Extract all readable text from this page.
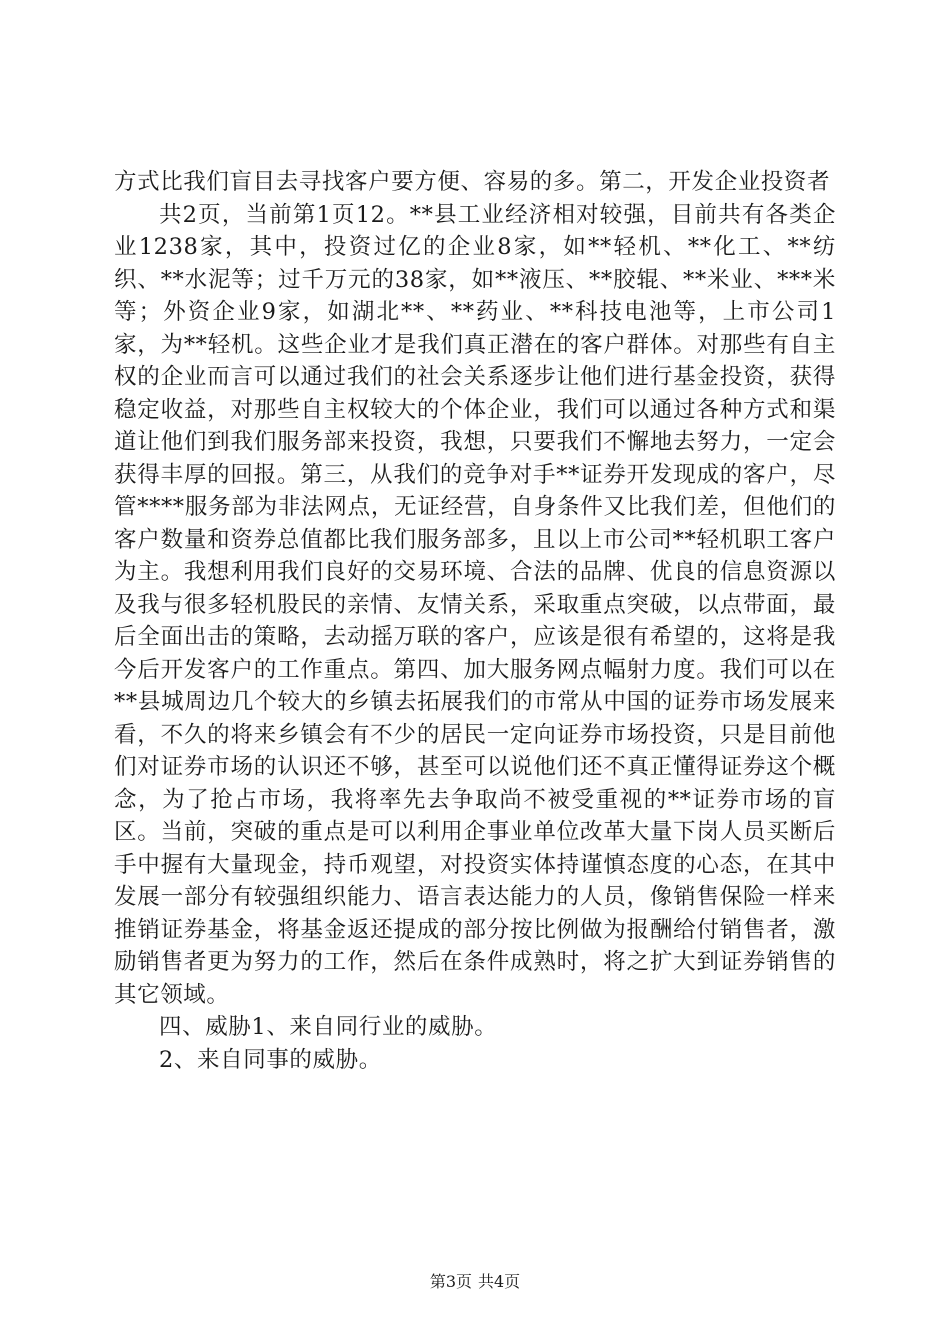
方式比我们盲目去寻找客户要方便、容易的多。第二，开发企业投资者

共2页，当前第1页12。**县工业经济相对较强，目前共有各类企业1238家，其中，投资过亿的企业8家，如**轻机、**化工、**纺织、**水泥等；过千万元的38家，如**液压、**胶辊、**米业、***米等；外资企业9家，如湖北**、**药业、**科技电池等，上市公司1家，为**轻机。这些企业才是我们真正潜在的客户群体。对那些有自主权的企业而言可以通过我们的社会关系逐步让他们进行基金投资，获得稳定收益，对那些自主权较大的个体企业，我们可以通过各种方式和渠道让他们到我们服务部来投资，我想，只要我们不懈地去努力，一定会获得丰厚的回报。第三，从我们的竞争对手**证券开发现成的客户，尽管****服务部为非法网点，无证经营，自身条件又比我们差，但他们的客户数量和资券总值都比我们服务部多，且以上市公司**轻机职工客户为主。我想利用我们良好的交易环境、合法的品牌、优良的信息资源以及我与很多轻机股民的亲情、友情关系，采取重点突破，以点带面，最后全面出击的策略，去动摇万联的客户，应该是很有希望的，这将是我今后开发客户的工作重点。第四、加大服务网点幅射力度。我们可以在**县城周边几个较大的乡镇去拓展我们的市常从中国的证券市场发展来看，不久的将来乡镇会有不少的居民一定向证券市场投资，只是目前他们对证券市场的认识还不够，甚至可以说他们还不真正懂得证券这个概念，为了抢占市场，我将率先去争取尚不被受重视的**证券市场的盲区。当前，突破的重点是可以利用企事业单位改革大量下岗人员买断后手中握有大量现金，持币观望，对投资实体持谨慎态度的心态，在其中发展一部分有较强组织能力、语言表达能力的人员，像销售保险一样来推销证券基金，将基金返还提成的部分按比例做为报酬给付销售者，激励销售者更为努力的工作，然后在条件成熟时，将之扩大到证券销售的其它领域。

四、威胁1、来自同行业的威胁。

2、来自同事的威胁。

第3页 共4页
